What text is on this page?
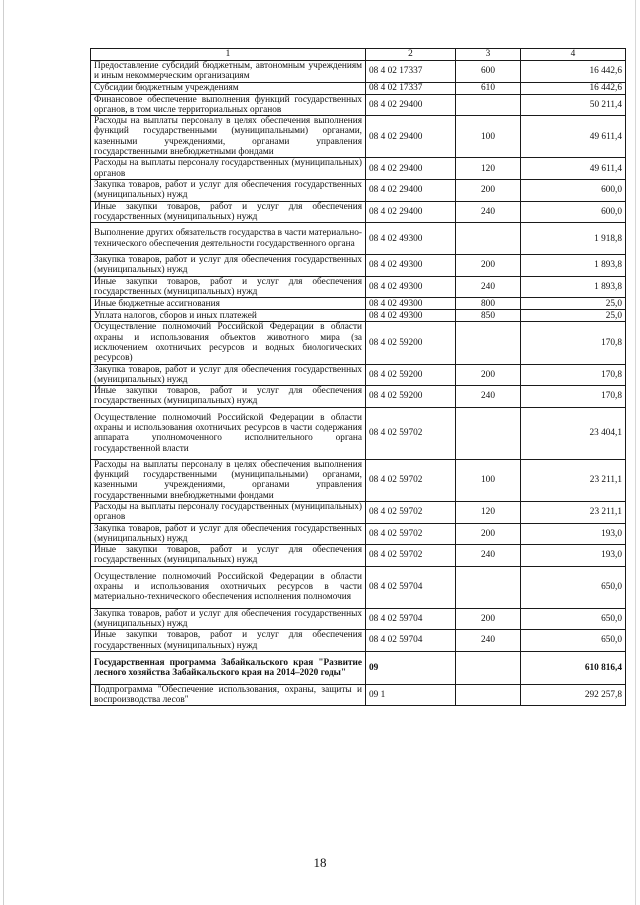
1	2	3	4
Предоставление субсидий бюджетным, автономным учреждениям и иным некоммерческим организациям	08 4 02 17337	600	16 442,6
Субсидии бюджетным учреждениям	08 4 02 17337	610	16 442,6
Финансовое обеспечение выполнения функций государственных органов, в том числе территориальных органов	08 4 02 29400		50 211,4
Расходы на выплаты персоналу в целях обеспечения выполнения функций государственными (муниципальными) органами, казенными учреждениями, органами управления государственными внебюджетными фондами	08 4 02 29400	100	49 611,4
Расходы на выплаты персоналу государственных (муниципальных) органов	08 4 02 29400	120	49 611,4
Закупка товаров, работ и услуг для обеспечения государственных (муниципальных) нужд	08 4 02 29400	200	600,0
Иные закупки товаров, работ и услуг для обеспечения государственных (муниципальных) нужд	08 4 02 29400	240	600,0
Выполнение других обязательств государства в части материально-технического обеспечения деятельности государственного органа	08 4 02 49300		1 918,8
Закупка товаров, работ и услуг для обеспечения государственных (муниципальных) нужд	08 4 02 49300	200	1 893,8
Иные закупки товаров, работ и услуг для обеспечения государственных (муниципальных) нужд	08 4 02 49300	240	1 893,8
Иные бюджетные ассигнования	08 4 02 49300	800	25,0
Уплата налогов, сборов и иных платежей	08 4 02 49300	850	25,0
Осуществление полномочий Российской Федерации в области охраны и использования объектов животного мира (за исключением охотничьих ресурсов и водных биологических ресурсов)	08 4 02 59200		170,8
Закупка товаров, работ и услуг для обеспечения государственных (муниципальных) нужд	08 4 02 59200	200	170,8
Иные закупки товаров, работ и услуг для обеспечения государственных (муниципальных) нужд	08 4 02 59200	240	170,8
Осуществление полномочий Российской Федерации в области охраны и использования охотничьих ресурсов в части содержания аппарата уполномоченного исполнительного органа государственной власти	08 4 02 59702		23 404,1
Расходы на выплаты персоналу в целях обеспечения выполнения функций государственными (муниципальными) органами, казенными учреждениями, органами управления государственными внебюджетными фондами	08 4 02 59702	100	23 211,1
Расходы на выплаты персоналу государственных (муниципальных) органов	08 4 02 59702	120	23 211,1
Закупка товаров, работ и услуг для обеспечения государственных (муниципальных) нужд	08 4 02 59702	200	193,0
Иные закупки товаров, работ и услуг для обеспечения государственных (муниципальных) нужд	08 4 02 59702	240	193,0
Осуществление полномочий Российской Федерации в области охраны и использования охотничьих ресурсов в части материально-технического обеспечения исполнения полномочия	08 4 02 59704		650,0
Закупка товаров, работ и услуг для обеспечения государственных (муниципальных) нужд	08 4 02 59704	200	650,0
Иные закупки товаров, работ и услуг для обеспечения государственных (муниципальных) нужд	08 4 02 59704	240	650,0
Государственная программа Забайкальского края "Развитие лесного хозяйства Забайкальского края на 2014–2020 годы"	09		610 816,4
Подпрограмма "Обеспечение использования, охраны, защиты и воспроизводства лесов"	09 1		292 257,8
18
